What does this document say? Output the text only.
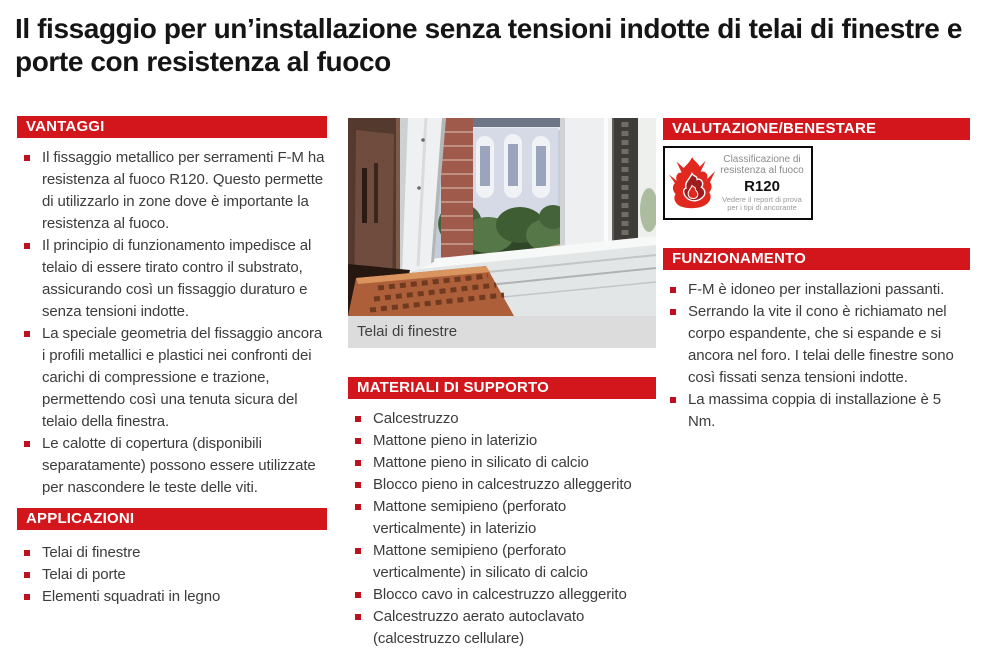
Il fissaggio per un’installazione senza tensioni indotte di telai di finestre e porte con resistenza al fuoco
VANTAGGI
Il fissaggio metallico per serramenti F-M ha resistenza al fuoco R120. Questo permette di utilizzarlo in zone dove è importante la resistenza al fuoco.
Il principio di funzionamento impedisce al telaio di essere tirato contro il substrato, assicurando così un fissaggio duraturo e senza tensioni indotte.
La speciale geometria del fissaggio ancora i profili metallici e plastici nei confronti dei carichi di compressione e trazione, permettendo così una tenuta sicura del telaio della finestra.
Le calotte di copertura (disponibili separatamente) possono essere utilizzate per nascondere le teste delle viti.
APPLICAZIONI
Telai di finestre
Telai di porte
Elementi squadrati in legno
Telai di finestre
MATERIALI DI SUPPORTO
Calcestruzzo
Mattone pieno in laterizio
Mattone pieno in silicato di calcio
Blocco pieno in calcestruzzo alleggerito
Mattone semipieno (perforato verticalmente) in laterizio
Mattone semipieno (perforato verticalmente) in silicato di calcio
Blocco cavo in calcestruzzo alleggerito
Calcestruzzo aerato autoclavato (calcestruzzo cellulare)
VALUTAZIONE/BENESTARE
Classificazione di resistenza al fuoco
R120
Vedere il report di prova per i tipi di ancorante
FUNZIONAMENTO
F-M è idoneo per installazioni passanti.
Serrando la vite il cono è richiamato nel corpo espandente, che si espande e si ancora nel foro. I telai delle finestre sono così fissati senza tensioni indotte.
La massima coppia di installazione è 5 Nm.
